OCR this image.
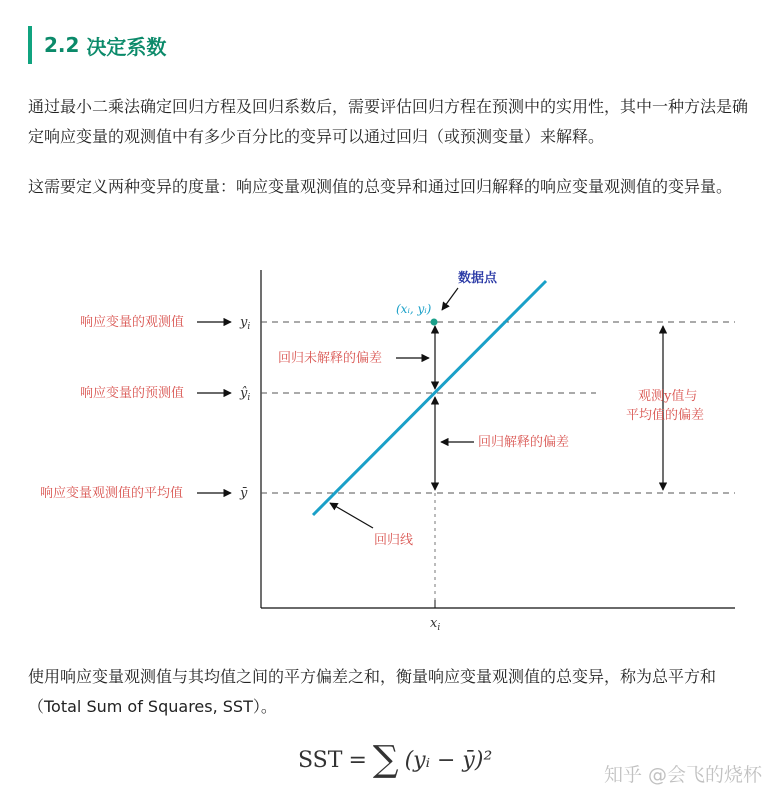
2.2
决定系数
通过最小二乘法确定回归方程及回归系数后，需要评估回归方程在预测中的实用性，其中一种方法是确定响应变量的观测值中有多少百分比的变异可以通过回归（或预测变量）来解释。
这需要定义两种变异的度量：响应变量观测值的总变异和通过回归解释的响应变量观测值的变异量。
响应变量的观测值	$y_i$
响应变量的预测值	$ŷ_i$
响应变量观测值的平均值	ȳ
数据点
(xᵢ, yᵢ)
回归未解释的偏差
回归解释的偏差
观测y值与
平均值的偏差
回归线
$x_i$
使用响应变量观测值与其均值之间的平方偏差之和，衡量响应变量观测值的总变异，称为总平方和（Total Sum of Squares, SST）。
SST = ∑ (yᵢ − ȳ)²
知乎 @会飞的烧杯
